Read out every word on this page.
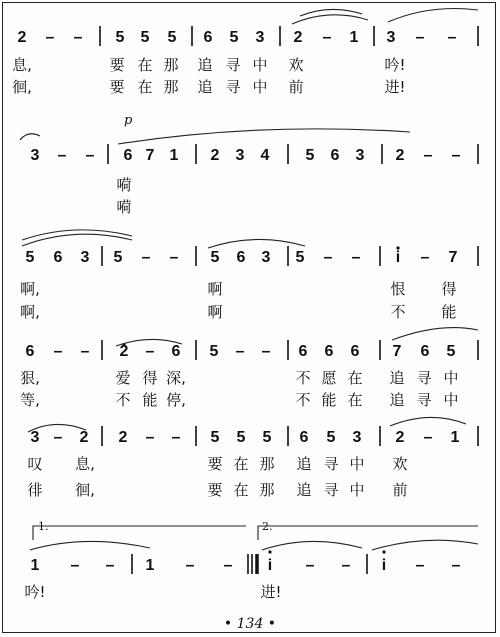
2 – – 5 5 5 6 5 3 2 – 1 3 – –
息,	要 在 那 追 寻 中 欢	吟!
徊,	要 在 那 追 寻 中 前	进!
3 – – 6 7 1 2 3 4 5 6 3 2 – –
嗬
嗬
5 6 3 5 – – 5 6 3 5 – – i – 7
啊,	啊	恨 得
啊,	啊	不 能
6 – – 2 – 6 5 – – 6 6 6 7 6 5
狠,	爱 得 深,	不 愿 在 追 寻 中
等,	不 能 停,	不 能 在 追 寻 中
3 – 2 2 – – 5 5 5 6 5 3 2 – 1
叹 息,	要 在 那 追 寻 中 欢
徘 徊,	要 在 那 追 寻 中 前
1 – – 1 – – i – – i – –
吟!	进!
p
1.	2.
• 134 •
